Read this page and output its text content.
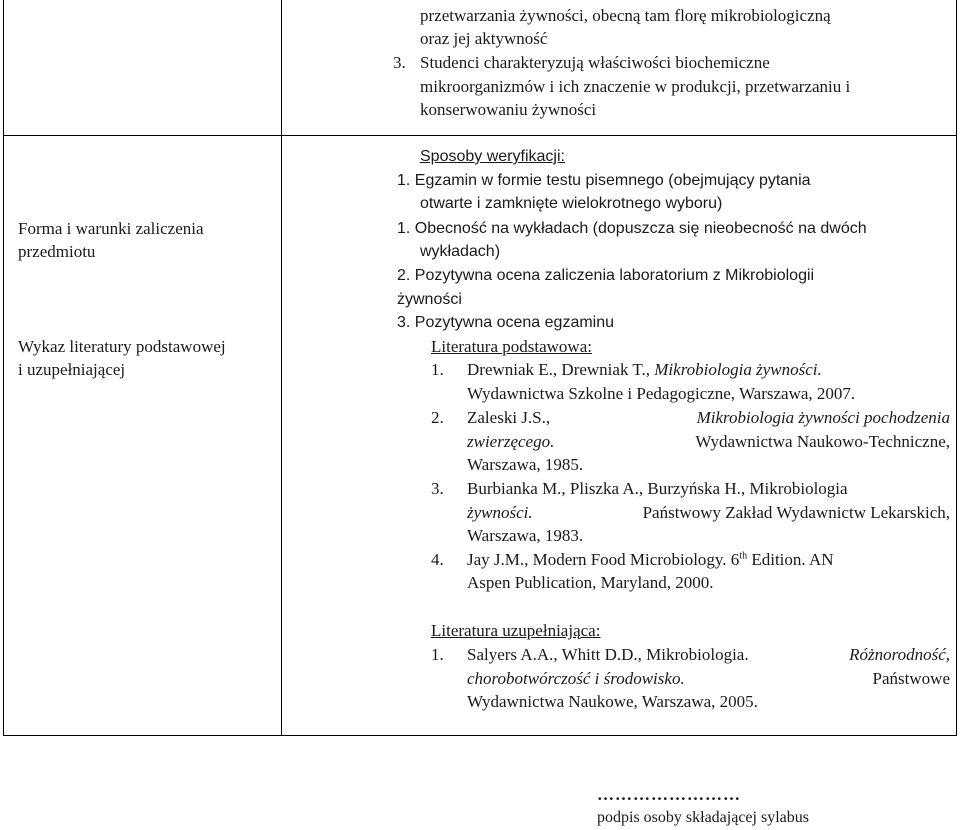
przetwarzania żywności, obecną tam florę mikrobiologiczną
oraz jej aktywność
3. Studenci charakteryzują właściwości biochemiczne
mikroorganizmów i ich znaczenie w produkcji, przetwarzaniu i
konserwowaniu żywności
Forma i warunki zaliczenia
przedmiotu
Wykaz literatury podstawowej
i uzupełniającej
Sposoby weryfikacji:
1. Egzamin w formie testu pisemnego (obejmujący pytania
otwarte i zamknięte wielokrotnego wyboru)
1. Obecność na wykładach (dopuszcza się nieobecność na dwóch
wykładach)
2. Pozytywna ocena zaliczenia laboratorium z Mikrobiologii
żywności
3. Pozytywna ocena egzaminu
Literatura podstawowa:
1. Drewniak E., Drewniak T., Mikrobiologia żywności.
Wydawnictwa Szkolne i Pedagogiczne, Warszawa, 2007.
2. Zaleski J.S.,	Mikrobiologia żywności pochodzenia
zwierzęcego.	Wydawnictwa Naukowo-Techniczne,
Warszawa, 1985.
3. Burbianka M., Pliszka A., Burzyńska H., Mikrobiologia
żywności.	Państwowy Zakład Wydawnictw Lekarskich,
Warszawa, 1983.
4. Jay J.M., Modern Food Microbiology. 6th Edition. AN
Aspen Publication, Maryland, 2000.
Literatura uzupełniająca:
1. Salyers A.A., Whitt D.D., Mikrobiologia.	Różnorodność,
chorobotwórczość i środowisko.	Państwowe
Wydawnictwa Naukowe, Warszawa, 2005.
……………………
podpis osoby składającej sylabus
